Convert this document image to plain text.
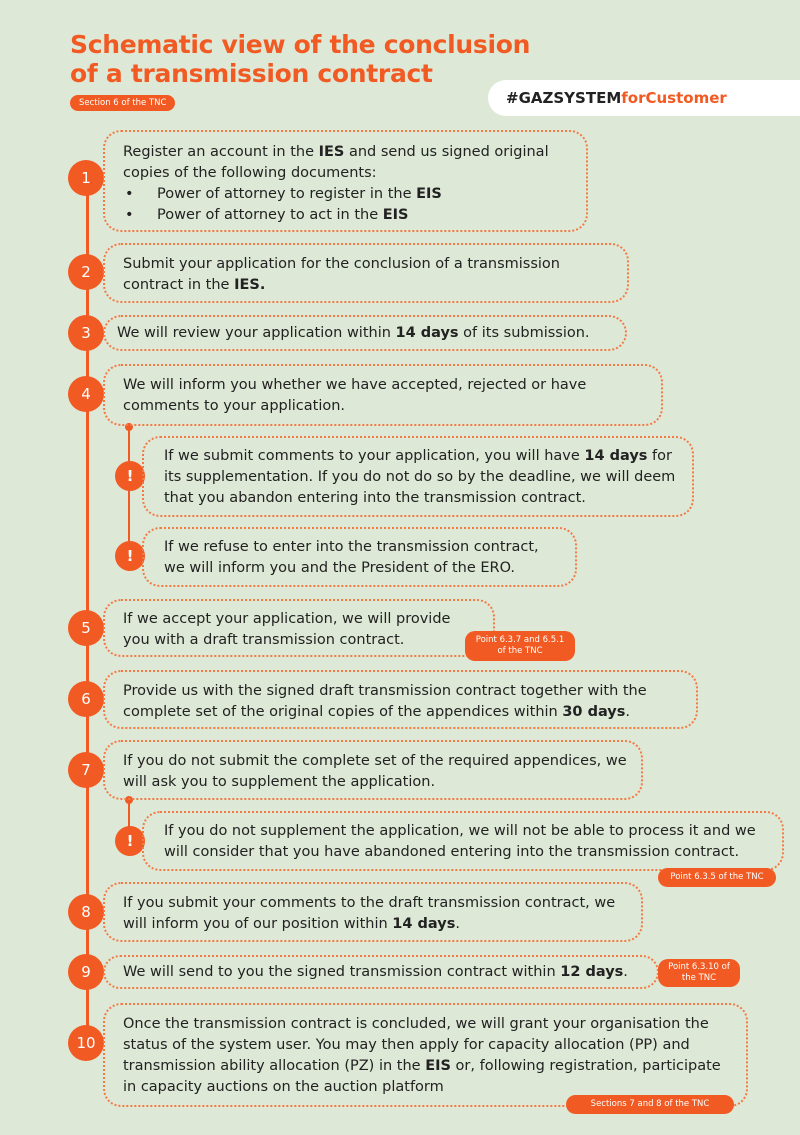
Schematic view of the conclusion
of a transmission contract
Section 6 of the TNC	#GAZSYSTEMforCustomer
1
Register an account in the IES and send us signed original copies of the following documents:
• Power of attorney to register in the EIS
• Power of attorney to act in the EIS
2	Submit your application for the conclusion of a transmission contract in the IES.
3	We will review your application within 14 days of its submission.
4	We will inform you whether we have accepted, rejected or have comments to your application.
!
If we submit comments to your application, you will have 14 days for its supplementation. If you do not do so by the deadline, we will deem that you abandon entering into the transmission contract.
!	If we refuse to enter into the transmission contract, we will inform you and the President of the ERO.
5	If we accept your application, we will provide you with a draft transmission contract.	Point 6.3.7 and 6.5.1 of the TNC
6	Provide us with the signed draft transmission contract together with the complete set of the original copies of the appendices within 30 days.
7	If you do not submit the complete set of the required appendices, we will ask you to supplement the application.
!
If you do not supplement the application, we will not be able to process it and we will consider that you have abandoned entering into the transmission contract.
Point 6.3.5 of the TNC
8	If you submit your comments to the draft transmission contract, we will inform you of our position within 14 days.
9	We will send to you the signed transmission contract within 12 days.	Point 6.3.10 of the TNC
10
Once the transmission contract is concluded, we will grant your organisation the status of the system user. You may then apply for capacity allocation (PP) and transmission ability allocation (PZ) in the EIS or, following registration, participate in capacity auctions on the auction platform
Sections 7 and 8 of the TNC
